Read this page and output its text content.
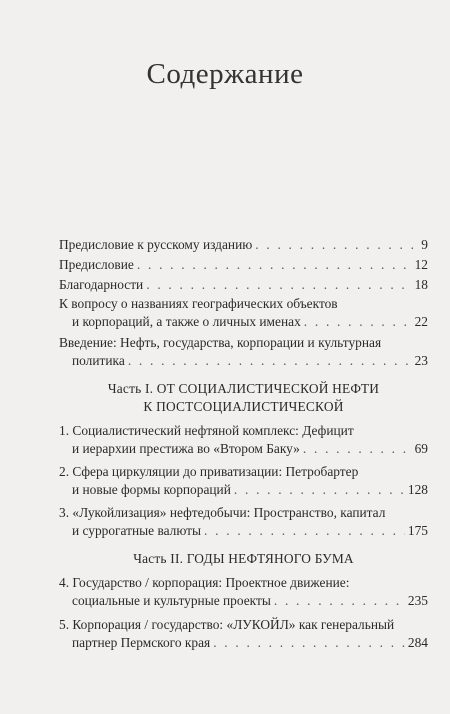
Содержание
Предисловие к русскому изданию . . .	9
Предисловие . . .	12
Благодарности . . .	18
К вопросу о названиях географических объектов
и корпораций, а также о личных именах . . .	22
Введение: Нефть, государства, корпорации и культурная
политика . . .	23
Часть I. ОТ СОЦИАЛИСТИЧЕСКОЙ НЕФТИ
К ПОСТСОЦИАЛИСТИЧЕСКОЙ
1. Социалистический нефтяной комплекс: Дефицит
и иерархии престижа во «Втором Баку» . . .	69
2. Сфера циркуляции до приватизации: Петробартер
и новые формы корпораций . . .	128
3. «Лукойлизация» нефтедобычи: Пространство, капитал
и суррогатные валюты . . .	175
Часть II. ГОДЫ НЕФТЯНОГО БУМА
4. Государство / корпорация: Проектное движение:
социальные и культурные проекты . . .	235
5. Корпорация / государство: «ЛУКОЙЛ» как генеральный
партнер Пермского края . . .	284
